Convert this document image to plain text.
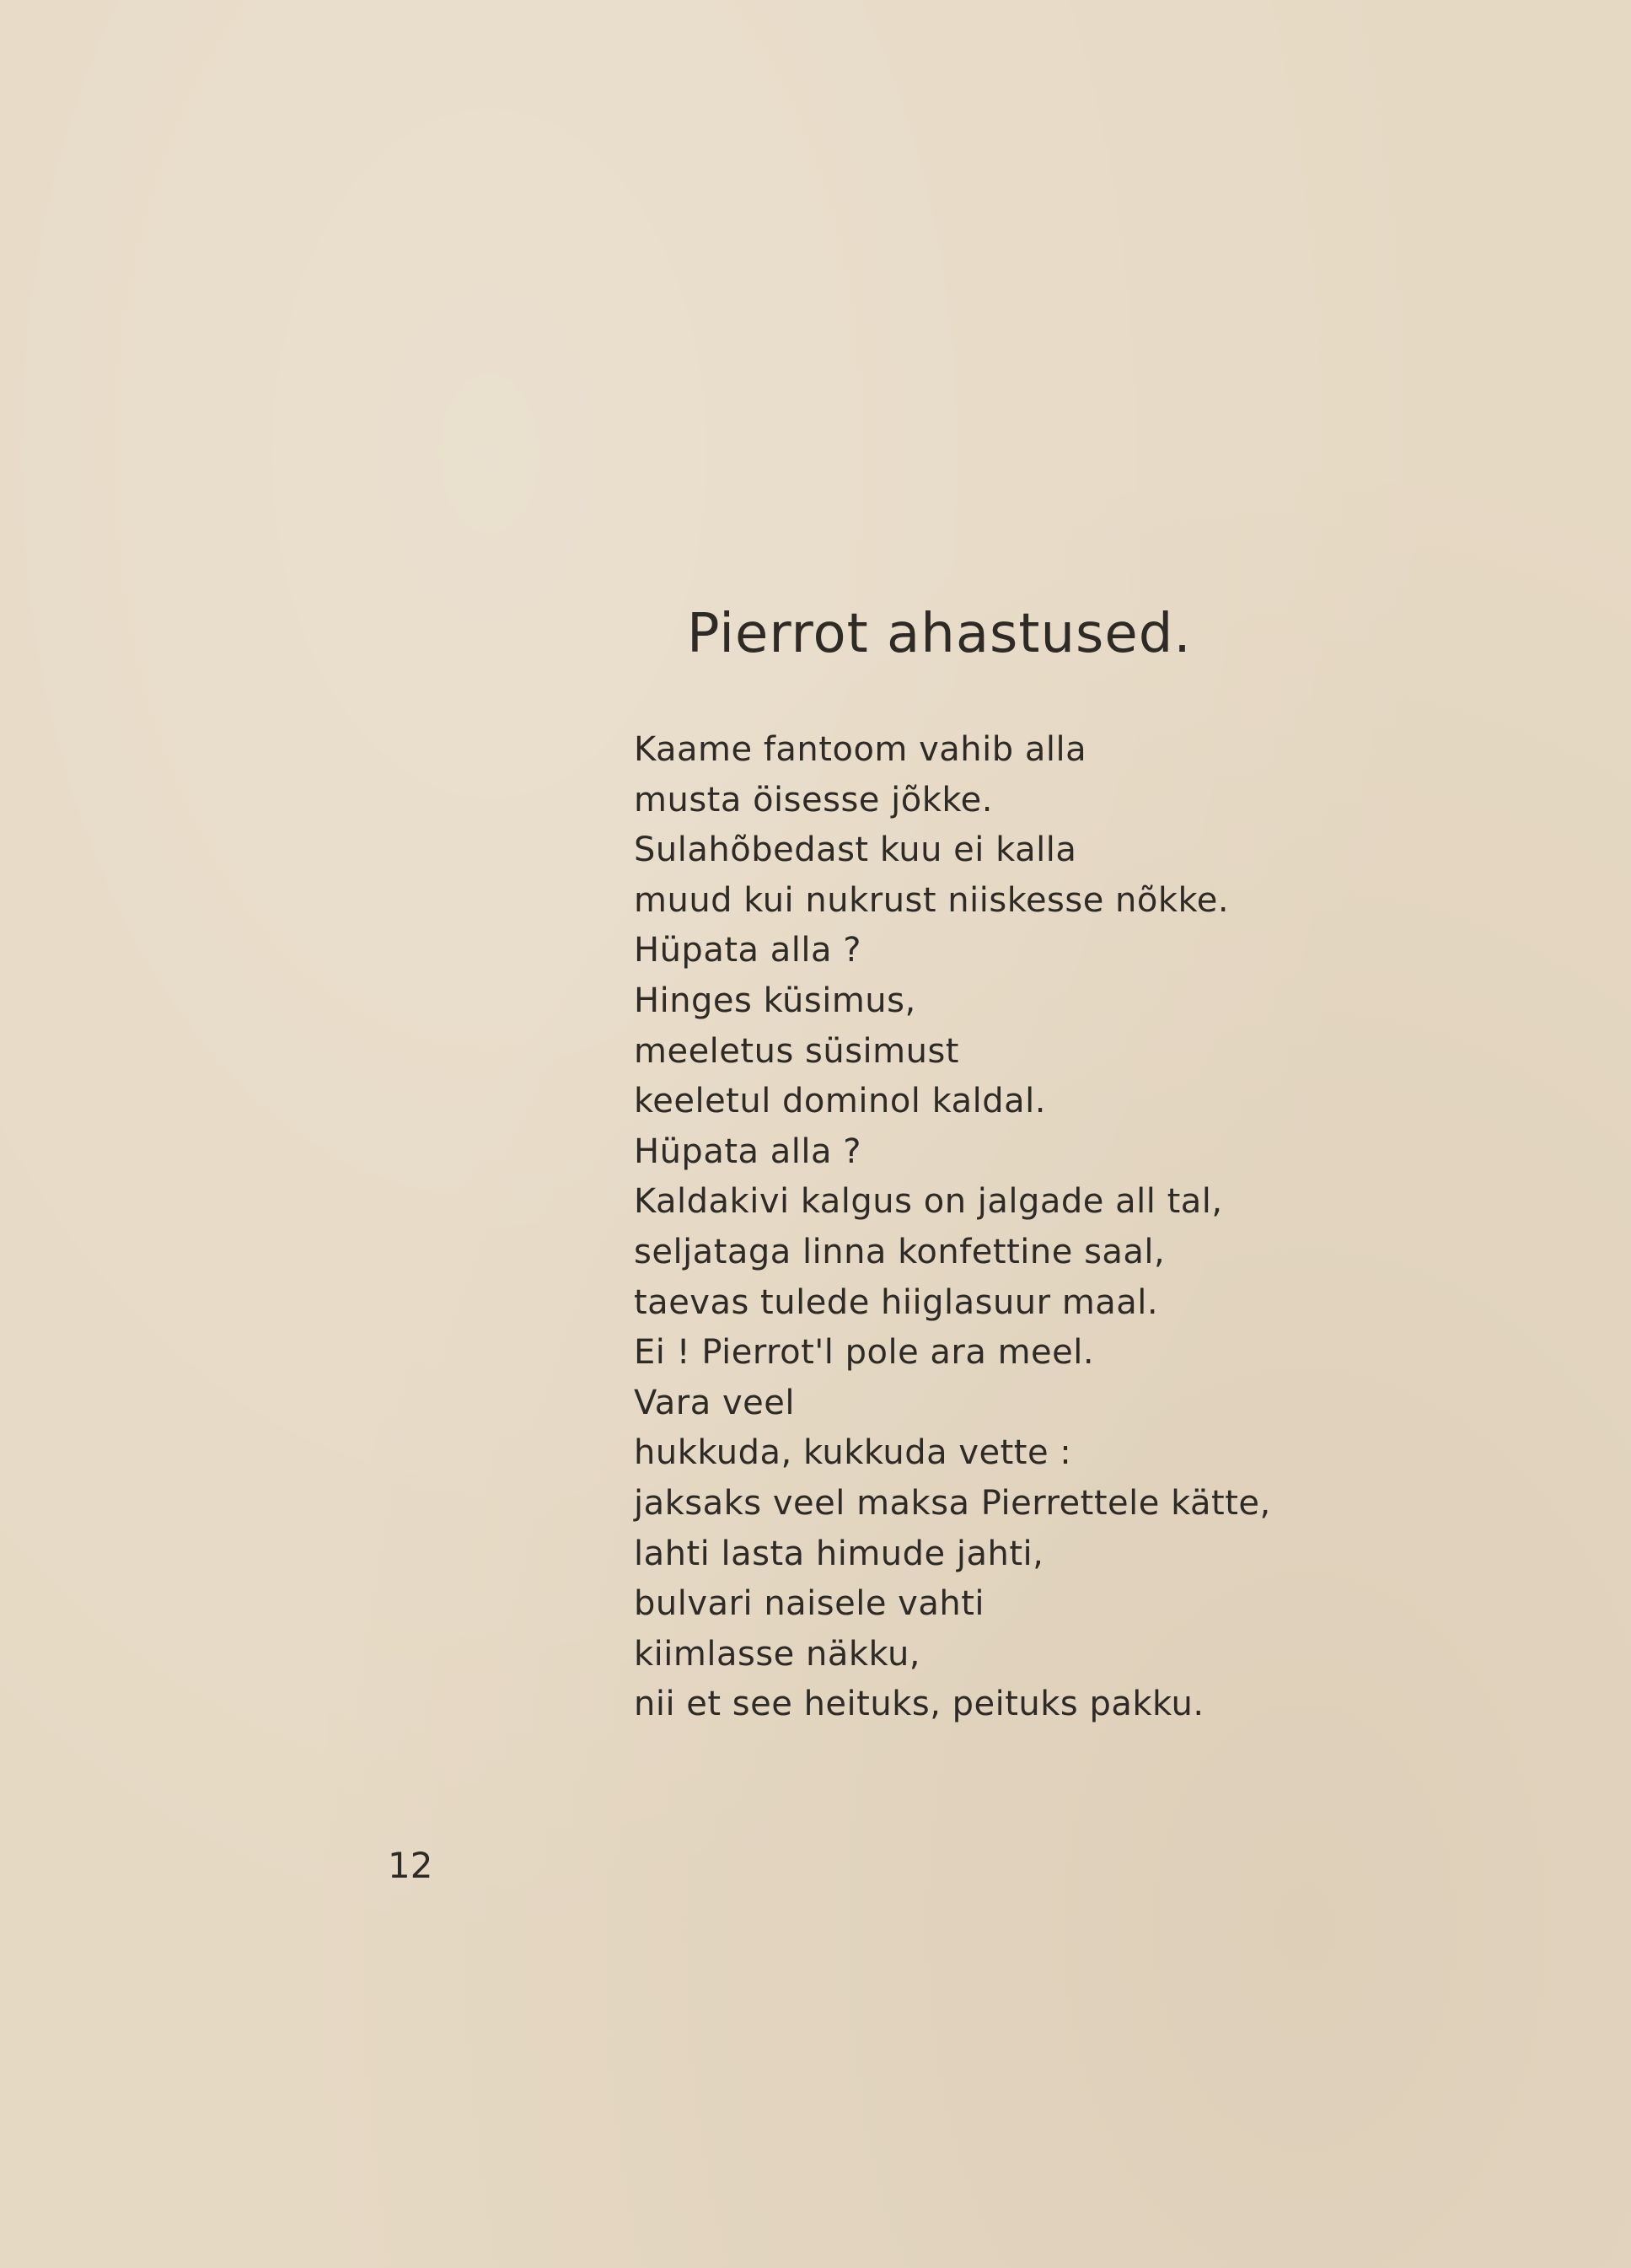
Pierrot ahastused.
Kaame fantoom vahib alla
musta öisesse jõkke.
Sulahõbedast kuu ei kalla
muud kui nukrust niiskesse nõkke.
Hüpata alla ?
Hinges küsimus,
meeletus süsimust
keeletul dominol kaldal.
Hüpata alla ?
Kaldakivi kalgus on jalgade all tal,
seljataga linna konfettine saal,
taevas tulede hiiglasuur maal.
Ei ! Pierrot'l pole ara meel.
Vara veel
hukkuda, kukkuda vette :
jaksaks veel maksa Pierrettele kätte,
lahti lasta himude jahti,
bulvari naisele vahti
kiimlasse näkku,
nii et see heituks, peituks pakku.
12
